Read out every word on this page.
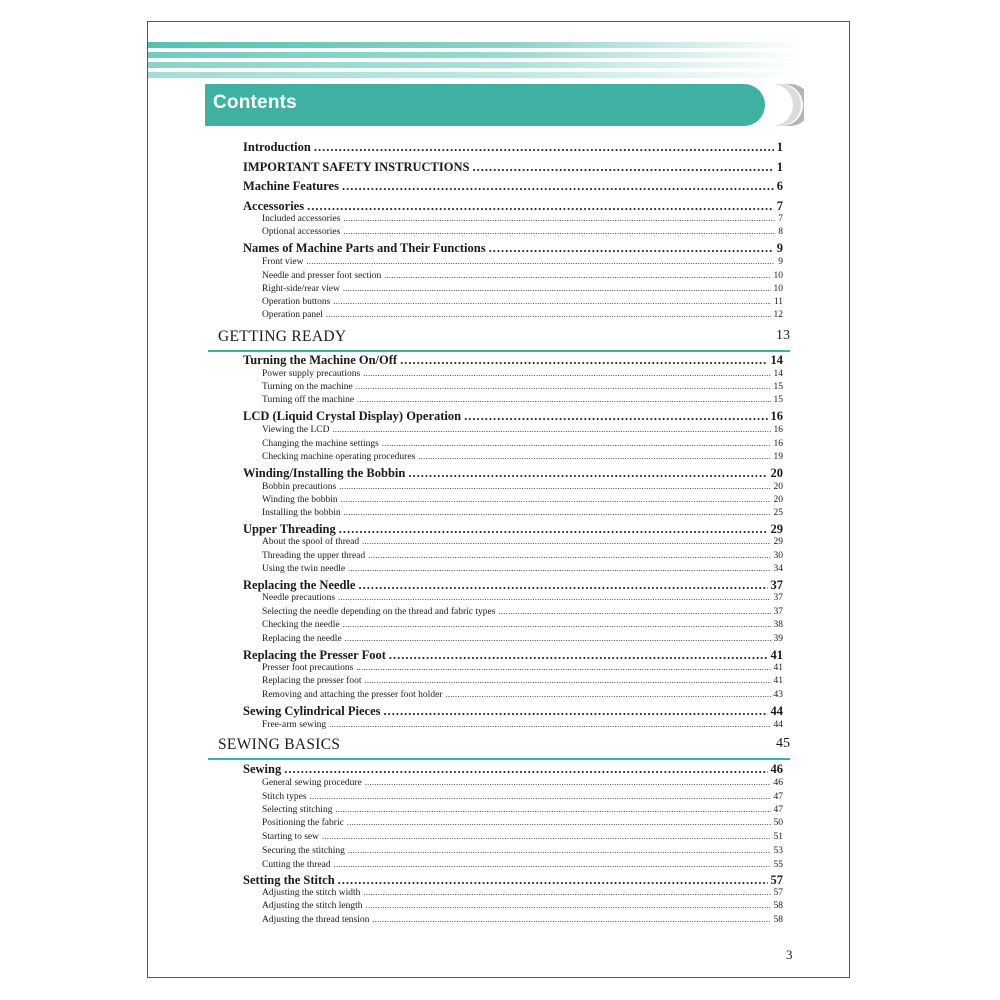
Contents
Introduction .....	1
IMPORTANT SAFETY INSTRUCTIONS .....	1
Machine Features .....	6
Accessories .....	7
Included accessories .....	7
Optional accessories .....	8
Names of Machine Parts and Their Functions .....	9
Front view .....	9
Needle and presser foot section .....	10
Right-side/rear view .....	10
Operation buttons .....	11
Operation panel .....	12
GETTING READY	13
Turning the Machine On/Off .....	14
Power supply precautions .....	14
Turning on the machine .....	15
Turning off the machine .....	15
LCD (Liquid Crystal Display) Operation .....	16
Viewing the LCD .....	16
Changing the machine settings .....	16
Checking machine operating procedures .....	19
Winding/Installing the Bobbin .....	20
Bobbin precautions .....	20
Winding the bobbin .....	20
Installing the bobbin .....	25
Upper Threading .....	29
About the spool of thread .....	29
Threading the upper thread .....	30
Using the twin needle .....	34
Replacing the Needle .....	37
Needle precautions .....	37
Selecting the needle depending on the thread and fabric types .....	37
Checking the needle .....	38
Replacing the needle .....	39
Replacing the Presser Foot .....	41
Presser foot precautions .....	41
Replacing the presser foot .....	41
Removing and attaching the presser foot holder .....	43
Sewing Cylindrical Pieces .....	44
Free-arm sewing .....	44
SEWING BASICS	45
Sewing .....	46
General sewing procedure .....	46
Stitch types .....	47
Selecting stitching .....	47
Positioning the fabric .....	50
Starting to sew .....	51
Securing the stitching .....	53
Cutting the thread .....	55
Setting the Stitch .....	57
Adjusting the stitch width .....	57
Adjusting the stitch length .....	58
Adjusting the thread tension .....	58
3
